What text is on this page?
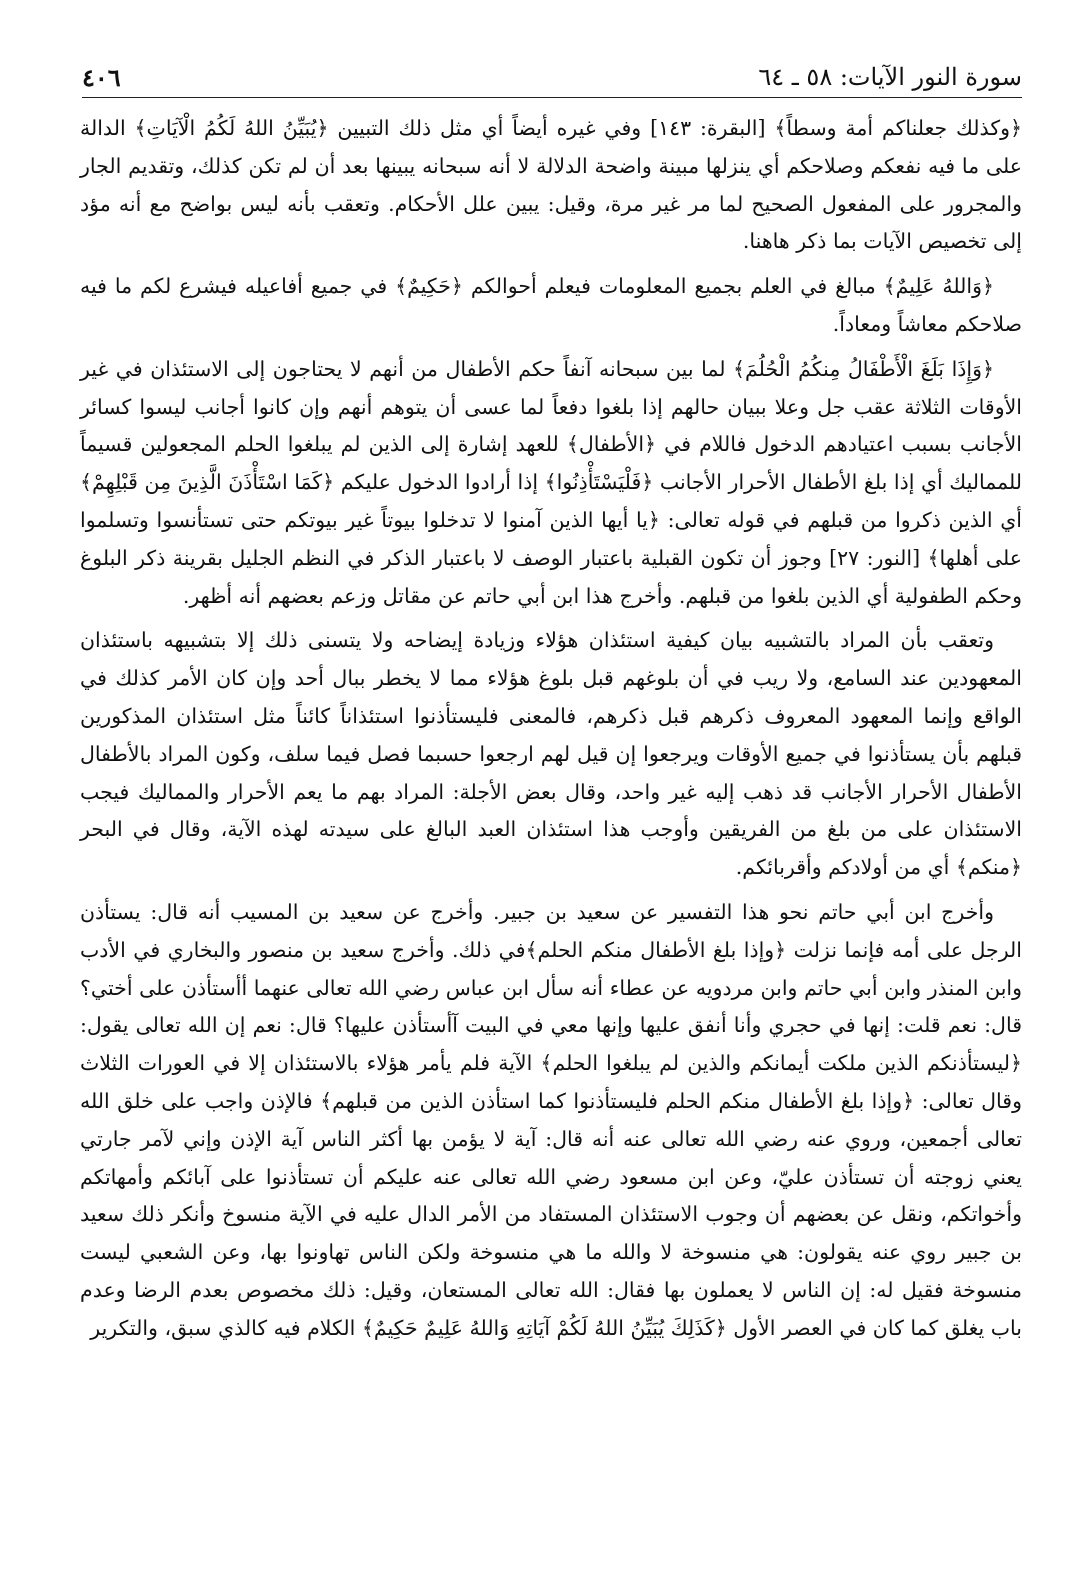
سورة النور الآيات: ٥٨ ـ ٦٤
٤٠٦

﴿وكذلك جعلناكم أمة وسطاً﴾ [البقرة: ١٤٣] وفي غيره أيضاً أي مثل ذلك التبيين ﴿يُبَيِّنُ اللهُ لَكُمُ الْآيَاتِ﴾ الدالة على ما فيه نفعكم وصلاحكم أي ينزلها مبينة واضحة الدلالة لا أنه سبحانه يبينها بعد أن لم تكن كذلك، وتقديم الجار والمجرور على المفعول الصحيح لما مر غير مرة، وقيل: يبين علل الأحكام. وتعقب بأنه ليس بواضح مع أنه مؤد إلى تخصيص الآيات بما ذكر هاهنا.

﴿وَاللهُ عَلِيمٌ﴾ مبالغ في العلم بجميع المعلومات فيعلم أحوالكم ﴿حَكِيمٌ﴾ في جميع أفاعيله فيشرع لكم ما فيه صلاحكم معاشاً ومعاداً.

﴿وَإِذَا بَلَغَ الْأَطْفَالُ مِنكُمُ الْحُلُمَ﴾ لما بين سبحانه آنفاً حكم الأطفال من أنهم لا يحتاجون إلى الاستئذان في غير الأوقات الثلاثة عقب جل وعلا ببيان حالهم إذا بلغوا دفعاً لما عسى أن يتوهم أنهم وإن كانوا أجانب ليسوا كسائر الأجانب بسبب اعتيادهم الدخول فاللام في ﴿الأطفال﴾ للعهد إشارة إلى الذين لم يبلغوا الحلم المجعولين قسيماً للمماليك أي إذا بلغ الأطفال الأحرار الأجانب ﴿فَلْيَسْتَأْذِنُوا﴾ إذا أرادوا الدخول عليكم ﴿كَمَا اسْتَأْذَنَ الَّذِينَ مِن قَبْلِهِمْ﴾ أي الذين ذكروا من قبلهم في قوله تعالى: ﴿يا أيها الذين آمنوا لا تدخلوا بيوتاً غير بيوتكم حتى تستأنسوا وتسلموا على أهلها﴾ [النور: ٢٧] وجوز أن تكون القبلية باعتبار الوصف لا باعتبار الذكر في النظم الجليل بقرينة ذكر البلوغ وحكم الطفولية أي الذين بلغوا من قبلهم. وأخرج هذا ابن أبي حاتم عن مقاتل وزعم بعضهم أنه أظهر.

وتعقب بأن المراد بالتشبيه بيان كيفية استئذان هؤلاء وزيادة إيضاحه ولا يتسنى ذلك إلا بتشبيهه باستئذان المعهودين عند السامع، ولا ريب في أن بلوغهم قبل بلوغ هؤلاء مما لا يخطر ببال أحد وإن كان الأمر كذلك في الواقع وإنما المعهود المعروف ذكرهم قبل ذكرهم، فالمعنى فليستأذنوا استئذاناً كائناً مثل استئذان المذكورين قبلهم بأن يستأذنوا في جميع الأوقات ويرجعوا إن قيل لهم ارجعوا حسبما فصل فيما سلف، وكون المراد بالأطفال الأطفال الأحرار الأجانب قد ذهب إليه غير واحد، وقال بعض الأجلة: المراد بهم ما يعم الأحرار والمماليك فيجب الاستئذان على من بلغ من الفريقين وأوجب هذا استئذان العبد البالغ على سيدته لهذه الآية، وقال في البحر ﴿منكم﴾ أي من أولادكم وأقربائكم.

وأخرج ابن أبي حاتم نحو هذا التفسير عن سعيد بن جبير. وأخرج عن سعيد بن المسيب أنه قال: يستأذن الرجل على أمه فإنما نزلت ﴿وإذا بلغ الأطفال منكم الحلم﴾في ذلك. وأخرج سعيد بن منصور والبخاري في الأدب وابن المنذر وابن أبي حاتم وابن مردويه عن عطاء أنه سأل ابن عباس رضي الله تعالى عنهما أأستأذن على أختي؟ قال: نعم قلت: إنها في حجري وأنا أنفق عليها وإنها معي في البيت آأستأذن عليها؟ قال: نعم إن الله تعالى يقول: ﴿ليستأذنكم الذين ملكت أيمانكم والذين لم يبلغوا الحلم﴾ الآية فلم يأمر هؤلاء بالاستئذان إلا في العورات الثلاث وقال تعالى: ﴿وإذا بلغ الأطفال منكم الحلم فليستأذنوا كما استأذن الذين من قبلهم﴾ فالإذن واجب على خلق الله تعالى أجمعين، وروي عنه رضي الله تعالى عنه أنه قال: آية لا يؤمن بها أكثر الناس آية الإذن وإني لآمر جارتي يعني زوجته أن تستأذن عليّ، وعن ابن مسعود رضي الله تعالى عنه عليكم أن تستأذنوا على آبائكم وأمهاتكم وأخواتكم، ونقل عن بعضهم أن وجوب الاستئذان المستفاد من الأمر الدال عليه في الآية منسوخ وأنكر ذلك سعيد بن جبير روي عنه يقولون: هي منسوخة لا والله ما هي منسوخة ولكن الناس تهاونوا بها، وعن الشعبي ليست منسوخة فقيل له: إن الناس لا يعملون بها فقال: الله تعالى المستعان، وقيل: ذلك مخصوص بعدم الرضا وعدم باب يغلق كما كان في العصر الأول ﴿كَذَلِكَ يُبَيِّنُ اللهُ لَكُمْ آيَاتِهِ وَاللهُ عَلِيمٌ حَكِيمٌ﴾ الكلام فيه كالذي سبق، والتكرير
